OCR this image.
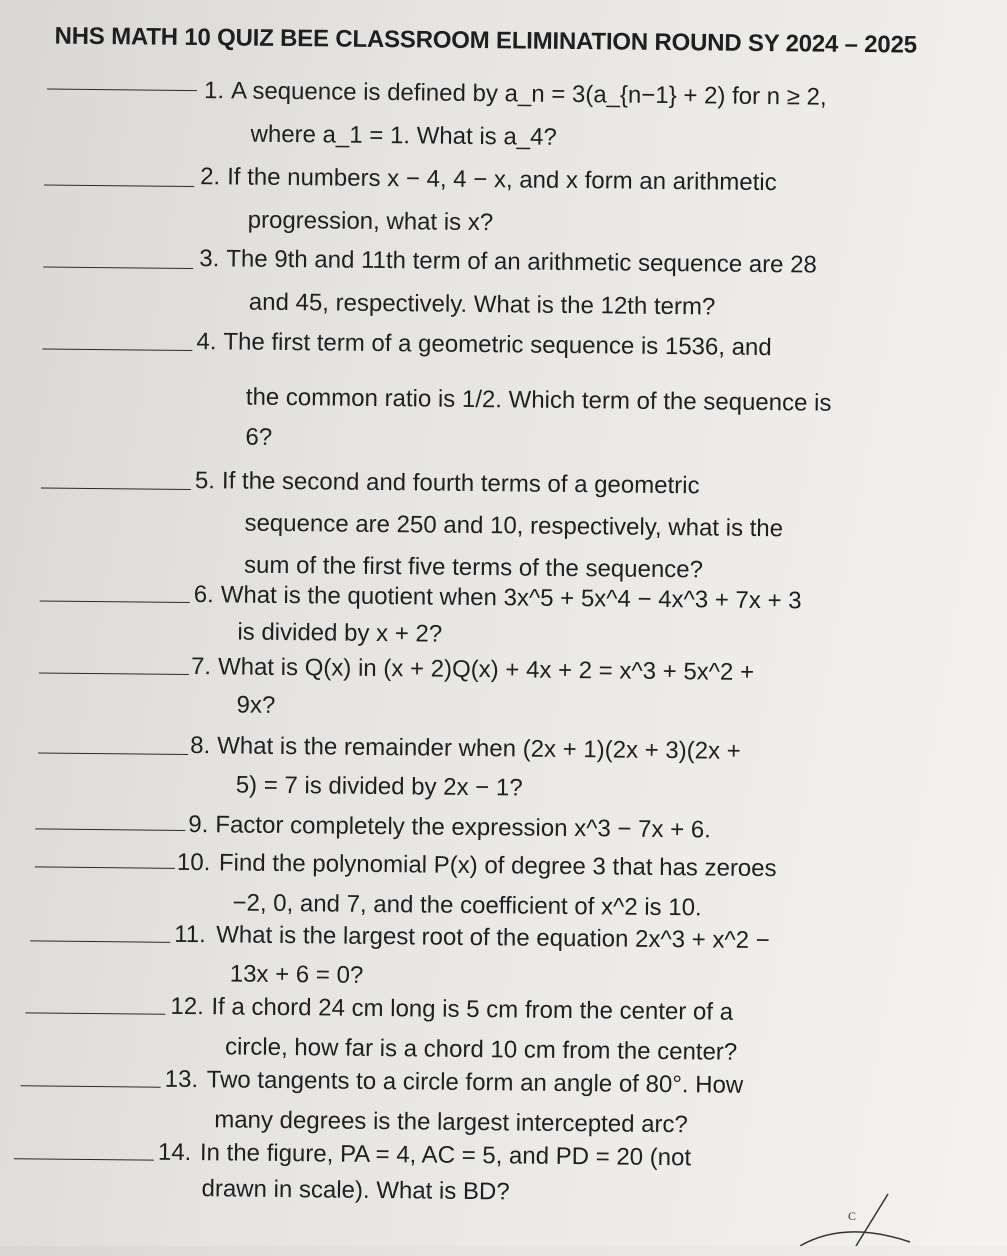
NHS MATH 10 QUIZ BEE CLASSROOM ELIMINATION ROUND SY 2024 – 2025
1. A sequence is defined by a_n = 3(a_{n−1} + 2) for n ≥ 2,
where a_1 = 1. What is a_4?
2. If the numbers x − 4, 4 − x, and x form an arithmetic
progression, what is x?
3. The 9th and 11th term of an arithmetic sequence are 28
and 45, respectively. What is the 12th term?
4. The first term of a geometric sequence is 1536, and
the common ratio is 1/2. Which term of the sequence is
6?
5. If the second and fourth terms of a geometric
sequence are 250 and 10, respectively, what is the
sum of the first five terms of the sequence?
6. What is the quotient when 3x^5 + 5x^4 − 4x^3 + 7x + 3
is divided by x + 2?
7. What is Q(x) in (x + 2)Q(x) + 4x + 2 = x^3 + 5x^2 +
9x?
8. What is the remainder when (2x + 1)(2x + 3)(2x +
5) = 7 is divided by 2x − 1?
9. Factor completely the expression x^3 − 7x + 6.
10. Find the polynomial P(x) of degree 3 that has zeroes
−2, 0, and 7, and the coefficient of x^2 is 10.
11. What is the largest root of the equation 2x^3 + x^2 −
13x + 6 = 0?
12. If a chord 24 cm long is 5 cm from the center of a
circle, how far is a chord 10 cm from the center?
13. Two tangents to a circle form an angle of 80°. How
many degrees is the largest intercepted arc?
14. In the figure, PA = 4, AC = 5, and PD = 20 (not
drawn in scale). What is BD?
C
